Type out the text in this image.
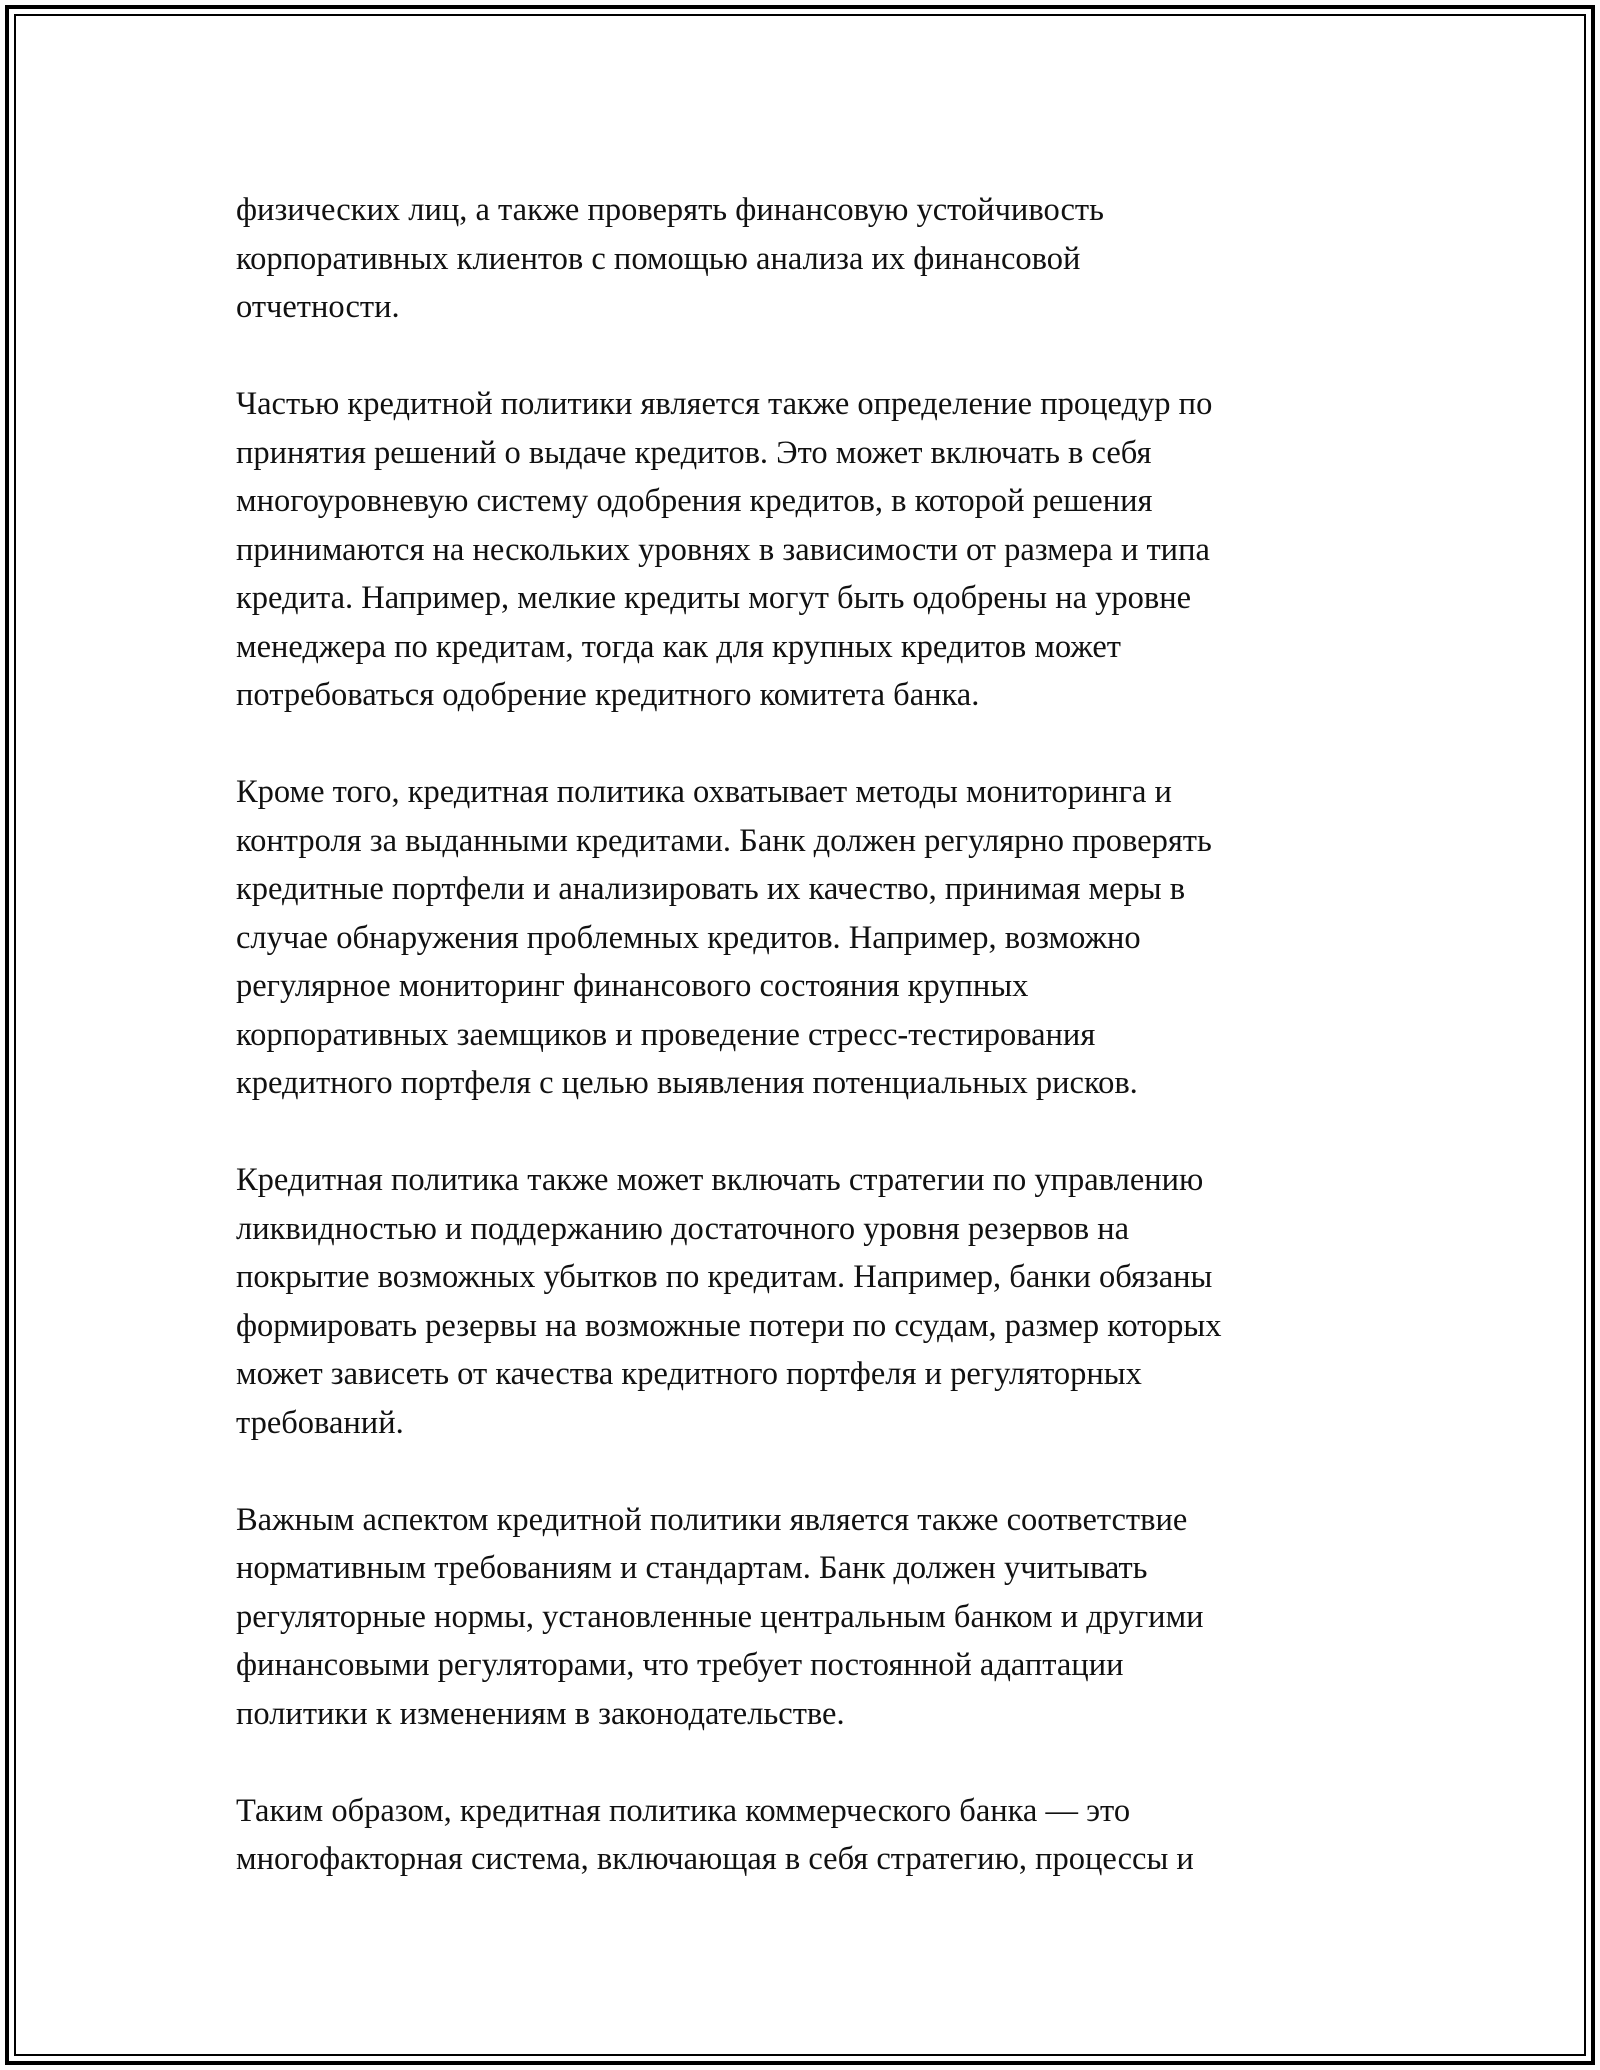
физических лиц, а также проверять финансовую устойчивость
корпоративных клиентов с помощью анализа их финансовой
отчетности.

Частью кредитной политики является также определение процедур по
принятия решений о выдаче кредитов. Это может включать в себя
многоуровневую систему одобрения кредитов, в которой решения
принимаются на нескольких уровнях в зависимости от размера и типа
кредита. Например, мелкие кредиты могут быть одобрены на уровне
менеджера по кредитам, тогда как для крупных кредитов может
потребоваться одобрение кредитного комитета банка.

Кроме того, кредитная политика охватывает методы мониторинга и
контроля за выданными кредитами. Банк должен регулярно проверять
кредитные портфели и анализировать их качество, принимая меры в
случае обнаружения проблемных кредитов. Например, возможно
регулярное мониторинг финансового состояния крупных
корпоративных заемщиков и проведение стресс-тестирования
кредитного портфеля с целью выявления потенциальных рисков.

Кредитная политика также может включать стратегии по управлению
ликвидностью и поддержанию достаточного уровня резервов на
покрытие возможных убытков по кредитам. Например, банки обязаны
формировать резервы на возможные потери по ссудам, размер которых
может зависеть от качества кредитного портфеля и регуляторных
требований.

Важным аспектом кредитной политики является также соответствие
нормативным требованиям и стандартам. Банк должен учитывать
регуляторные нормы, установленные центральным банком и другими
финансовыми регуляторами, что требует постоянной адаптации
политики к изменениям в законодательстве.

Таким образом, кредитная политика коммерческого банка — это
многофакторная система, включающая в себя стратегию, процессы и
